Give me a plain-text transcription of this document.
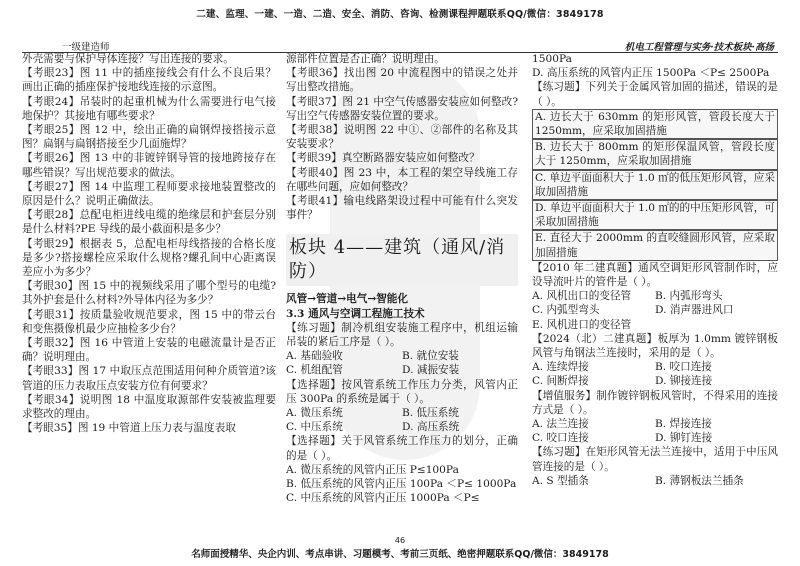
二建、监理、一建、一造、二造、安全、消防、咨询、检测课程押题联系QQ/微信：3849178
一级建造师	机电工程管理与实务·技术板块·高扬

外壳需要与保护导体连接？写出连接的要求。

【考眼23】图 11 中的插座接线会有什么不良后果？画出正确的插座保护接地线连接的示意图。

【考眼24】吊装时的起重机械为什么需要进行电气接地保护？其接地有哪些要求？

【考眼25】图 12 中，绘出正确的扁钢焊接搭接示意图？扁钢与扁钢搭接至少几面施焊？

【考眼26】图 13 中的非镀锌钢导管的接地跨接存在哪些错误？写出规范要求的做法。

【考眼27】图 14 中监理工程师要求接地装置整改的原因是什么？说明正确做法。

【考眼28】总配电柜进线电缆的绝缘层和护套层分别是什么材料?PE 导线的最小截面积是多少？

【考眼29】根据表 5，总配电柜母线搭接的合格长度是多少?搭接螺栓应采取什么规格?螺孔间中心距离误差应小为多少？

【考眼30】图 15 中的视频线采用了哪个型号的电缆?其外护套是什么材料?外导体内径为多少？

【考眼31】按质量验收规范要求，图 15 中的带云台和变焦摄像机最少应抽检多少台？

【考眼32】图 16 中管道上安装的电磁流量计是否正确？说明理由。

【考眼33】图 17 中取压点范围适用何种介质管道?该管道的压力表取压点安装方位有何要求？

【考眼34】说明图 18 中温度取源部件安装被监理要求整改的理由。

【考眼35】图 19 中管道上压力表与温度表取

源部件位置是否正确？说明理由。

【考眼36】找出图 20 中流程图中的错误之处并写出整改措施。

【考眼37】图 21 中空气传感器安装应如何整改?写出空气传感器安装位置的要求。

【考眼38】说明图 22 中①、②部件的名称及其安装要求？

【考眼39】真空断路器安装应如何整改？

【考眼40】图 23 中，本工程的架空导线施工存在哪些问题，应如何整改？

【考眼41】输电线路架设过程中可能有什么突发事件？

板块 4——建筑（通风/消防）

风管→管道→电气→智能化

3.3 通风与空调工程施工技术

【练习题】制冷机组安装施工程序中，机组运输吊装的紧后工序是（ ）。

A. 基础验收	B. 就位安装
C. 机组配管	D. 减振安装

【选择题】按风管系统工作压力分类，风管内正压 300Pa 的系统是属于（ ）。

A. 微压系统	B. 低压系统
C. 中压系统	D. 高压系统

【选择题】关于风管系统工作压力的划分，正确的是（ ）。

A. 微压系统的风管内正压 P≤100Pa

B. 低压系统的风管内正压 100Pa ＜P≤ 1000Pa

C. 中压系统的风管内正压 1000Pa ＜P≤

1500Pa

D. 高压系统的风管内正压 1500Pa ＜P≤ 2500Pa

【练习题】下列关于金属风管加固的描述，错误的是（ ）。

A. 边长大于 630mm 的矩形风管，管段长度大于 1250mm，应采取加固措施

B. 边长大于 800mm 的矩形保温风管，管段长度大于 1250mm，应采取加固措施

C. 单边平面面积大于 1.0 ㎡的低压矩形风管，应采取加固措施

D. 单边平面面积大于 1.0 ㎡的的中压矩形风管，可采取加固措施

E. 直径大于 2000mm 的直咬缝圆形风管，应采取加固措施

【2010 年二建真题】通风空调矩形风管制作时，应设导流叶片的管件是（ ）。

A. 风机出口的变径管	B. 内弧形弯头
C. 内弧型弯头	D. 消声器进风口

E. 风机进口的变径管

【2024（北）二建真题】板厚为 1.0mm 镀锌钢板风管与角钢法兰连接时，采用的是（ ）。

A. 连续焊接	B. 咬口连接
C. 间断焊接	D. 铆接连接

【增值服务】制作镀锌钢板风管时，不得采用的连接方式是（ ）。

A. 法兰连接	B. 焊接连接
C. 咬口连接	D. 铆钉连接

【练习题】在矩形风管无法兰连接中，适用于中压风管连接的是（ ）。

A. S 型插条	B. 薄钢板法兰插条
46
名师面授精华、央企内训、考点串讲、习题模考、考前三页纸、绝密押题联系QQ/微信：3849178
